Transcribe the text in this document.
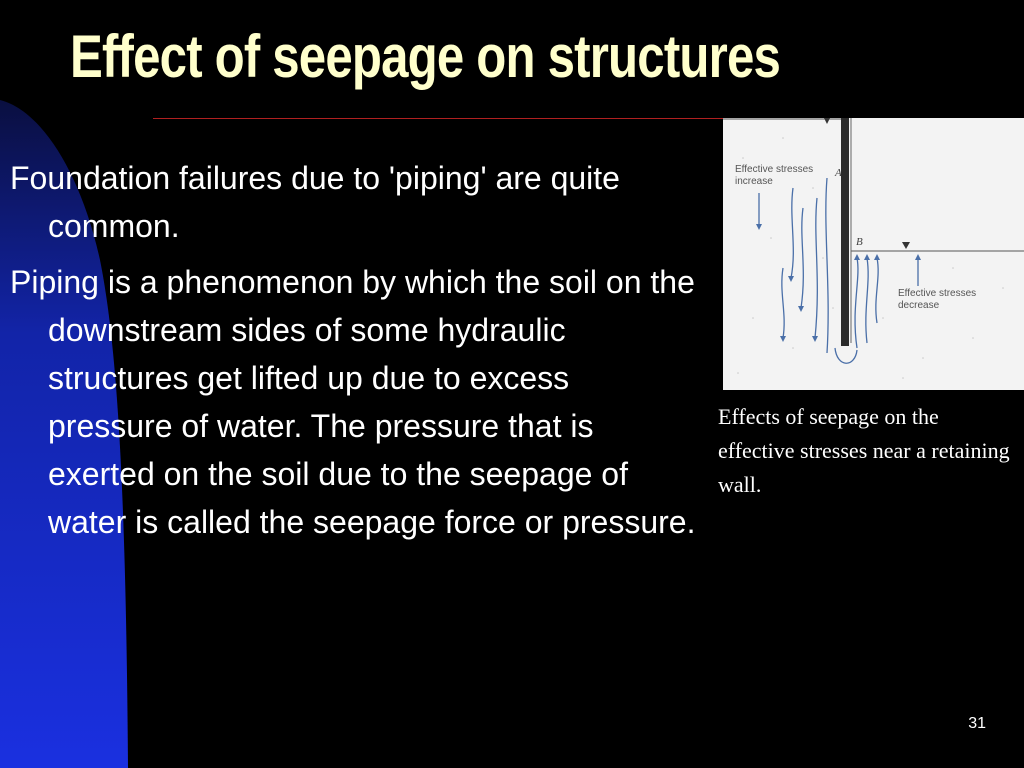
Effect of seepage on structures

Foundation failures due to 'piping' are quite common.

Piping is a phenomenon by which the soil on the downstream sides of some hydraulic structures get lifted up due to excess pressure of water. The pressure that is exerted on the soil due to the seepage of water is called the seepage force or pressure.

Effective stresses
increase
Effective stresses
decrease
A
B
Effects of seepage on the effective stresses near a retaining wall.
31
